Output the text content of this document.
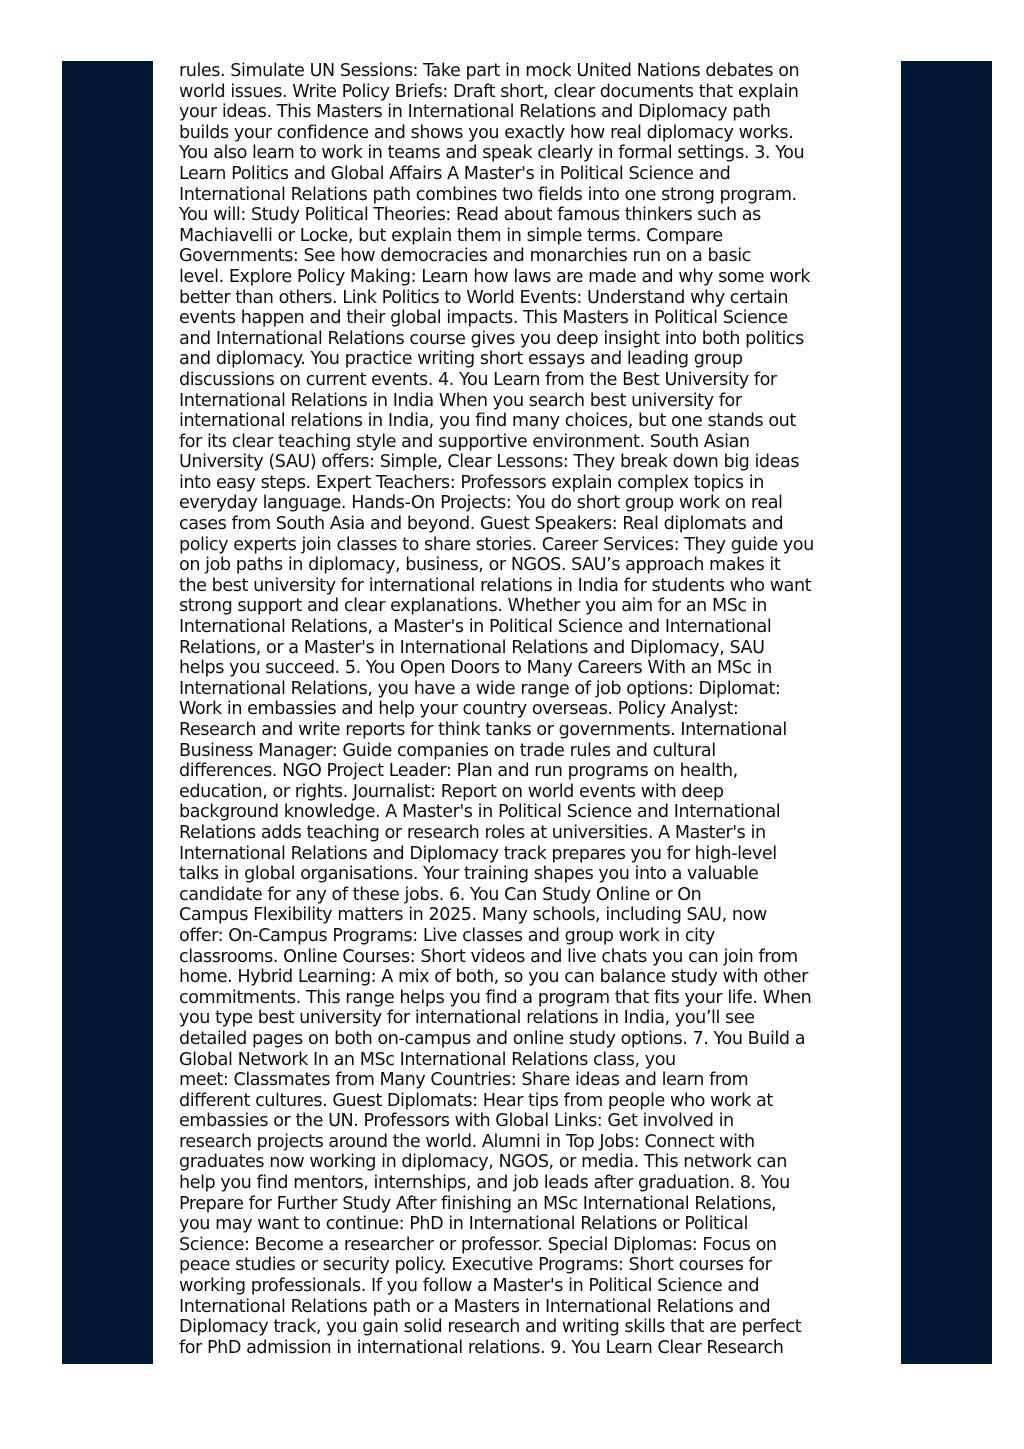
rules. Simulate UN Sessions: Take part in mock United Nations debates on
world issues. Write Policy Briefs: Draft short, clear documents that explain
your ideas. This Masters in International Relations and Diplomacy path
builds your confidence and shows you exactly how real diplomacy works.
You also learn to work in teams and speak clearly in formal settings. 3. You
Learn Politics and Global Affairs A Master's in Political Science and
International Relations path combines two fields into one strong program.
You will: Study Political Theories: Read about famous thinkers such as
Machiavelli or Locke, but explain them in simple terms. Compare
Governments: See how democracies and monarchies run on a basic
level. Explore Policy Making: Learn how laws are made and why some work
better than others. Link Politics to World Events: Understand why certain
events happen and their global impacts. This Masters in Political Science
and International Relations course gives you deep insight into both politics
and diplomacy. You practice writing short essays and leading group
discussions on current events. 4. You Learn from the Best University for
International Relations in India When you search best university for
international relations in India, you find many choices, but one stands out
for its clear teaching style and supportive environment. South Asian
University (SAU) offers: Simple, Clear Lessons: They break down big ideas
into easy steps. Expert Teachers: Professors explain complex topics in
everyday language. Hands-On Projects: You do short group work on real
cases from South Asia and beyond. Guest Speakers: Real diplomats and
policy experts join classes to share stories. Career Services: They guide you
on job paths in diplomacy, business, or NGOS. SAU’s approach makes it
the best university for international relations in India for students who want
strong support and clear explanations. Whether you aim for an MSc in
International Relations, a Master's in Political Science and International
Relations, or a Master's in International Relations and Diplomacy, SAU
helps you succeed. 5. You Open Doors to Many Careers With an MSc in
International Relations, you have a wide range of job options: Diplomat:
Work in embassies and help your country overseas. Policy Analyst:
Research and write reports for think tanks or governments. International
Business Manager: Guide companies on trade rules and cultural
differences. NGO Project Leader: Plan and run programs on health,
education, or rights. Journalist: Report on world events with deep
background knowledge. A Master's in Political Science and International
Relations adds teaching or research roles at universities. A Master's in
International Relations and Diplomacy track prepares you for high-level
talks in global organisations. Your training shapes you into a valuable
candidate for any of these jobs. 6. You Can Study Online or On
Campus Flexibility matters in 2025. Many schools, including SAU, now
offer: On-Campus Programs: Live classes and group work in city
classrooms. Online Courses: Short videos and live chats you can join from
home. Hybrid Learning: A mix of both, so you can balance study with other
commitments. This range helps you find a program that fits your life. When
you type best university for international relations in India, you’ll see
detailed pages on both on-campus and online study options. 7. You Build a
Global Network In an MSc International Relations class, you
meet: Classmates from Many Countries: Share ideas and learn from
different cultures. Guest Diplomats: Hear tips from people who work at
embassies or the UN. Professors with Global Links: Get involved in
research projects around the world. Alumni in Top Jobs: Connect with
graduates now working in diplomacy, NGOS, or media. This network can
help you find mentors, internships, and job leads after graduation. 8. You
Prepare for Further Study After finishing an MSc International Relations,
you may want to continue: PhD in International Relations or Political
Science: Become a researcher or professor. Special Diplomas: Focus on
peace studies or security policy. Executive Programs: Short courses for
working professionals. If you follow a Master's in Political Science and
International Relations path or a Masters in International Relations and
Diplomacy track, you gain solid research and writing skills that are perfect
for PhD admission in international relations. 9. You Learn Clear Research
